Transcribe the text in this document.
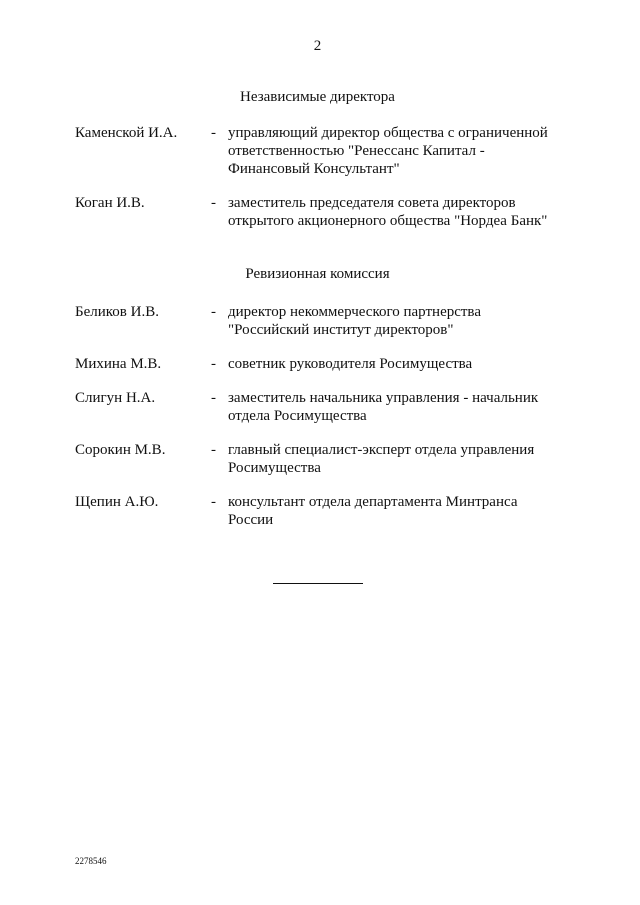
2
Независимые директора
Каменской И.А. - управляющий директор общества с ограниченной
ответственностью "Ренессанс Капитал -
Финансовый Консультант"
Коган И.В.	- заместитель председателя совета директоров
открытого акционерного общества "Нордеа Банк"
Ревизионная комиссия
Беликов И.В.	- директор некоммерческого партнерства
"Российский институт директоров"
Михина М.В.	- советник руководителя Росимущества
Слигун Н.А.	- заместитель начальника управления - начальник
отдела Росимущества
Сорокин М.В.	- главный специалист-эксперт отдела управления
Росимущества
Щепин А.Ю.	- консультант отдела департамента Минтранса
России
2278546
